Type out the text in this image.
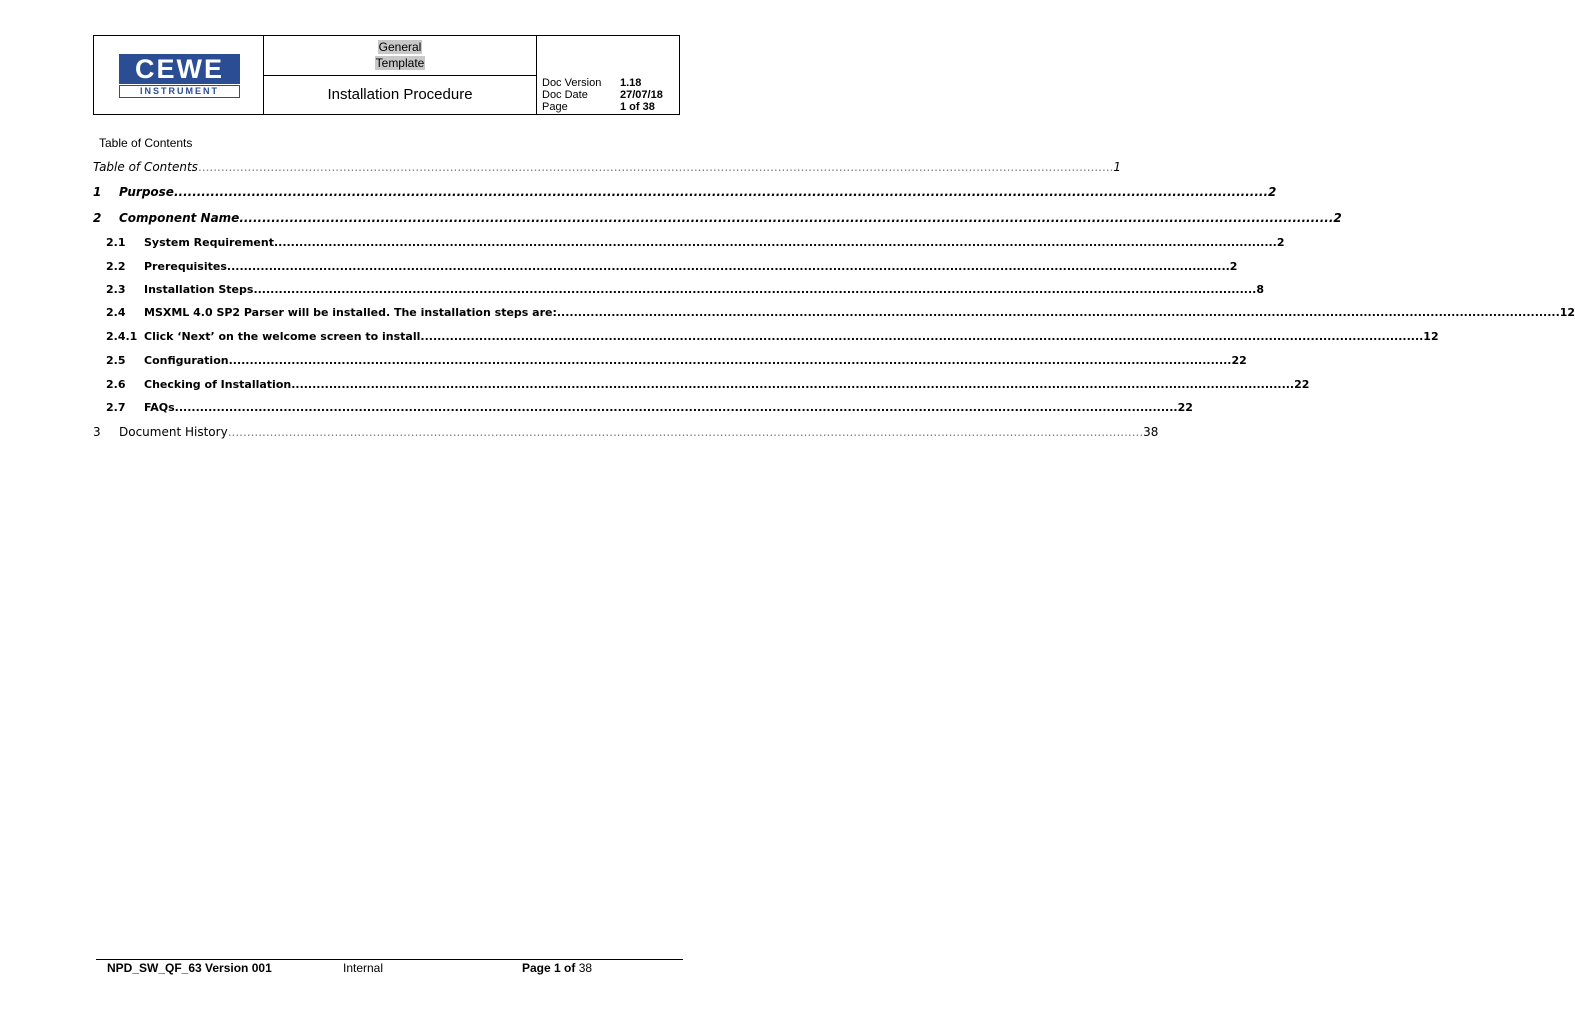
CEWE
INSTRUMENT
General
Template
Installation Procedure
Doc Version 1.18
Doc Date	27/07/18
Page	1 of 38
Table of Contents
Table of Contents ................................................................................................................................................................................................................................................ 1
1	Purpose ................................................................................................................................................................................................................................................ 2
2	Component Name ................................................................................................................................................................................................................................................ 2
2.1	System Requirement ................................................................................................................................................................................................................................................ 2
2.2	Prerequisites ................................................................................................................................................................................................................................................ 2
2.3	Installation Steps ................................................................................................................................................................................................................................................ 8
2.4	MSXML 4.0 SP2 Parser will be installed. The installation steps are: ................................................................................................................................................................................................................................................ 12
2.4.1 Click ‘Next’ on the welcome screen to install ................................................................................................................................................................................................................................................ 12
2.5	Configuration ................................................................................................................................................................................................................................................ 22
2.6	Checking of Installation ................................................................................................................................................................................................................................................ 22
2.7	FAQs ................................................................................................................................................................................................................................................ 22
3	Document History ................................................................................................................................................................................................................................................ 38
NPD_SW_QF_63 Version 001	Internal	Page 1 of 38
